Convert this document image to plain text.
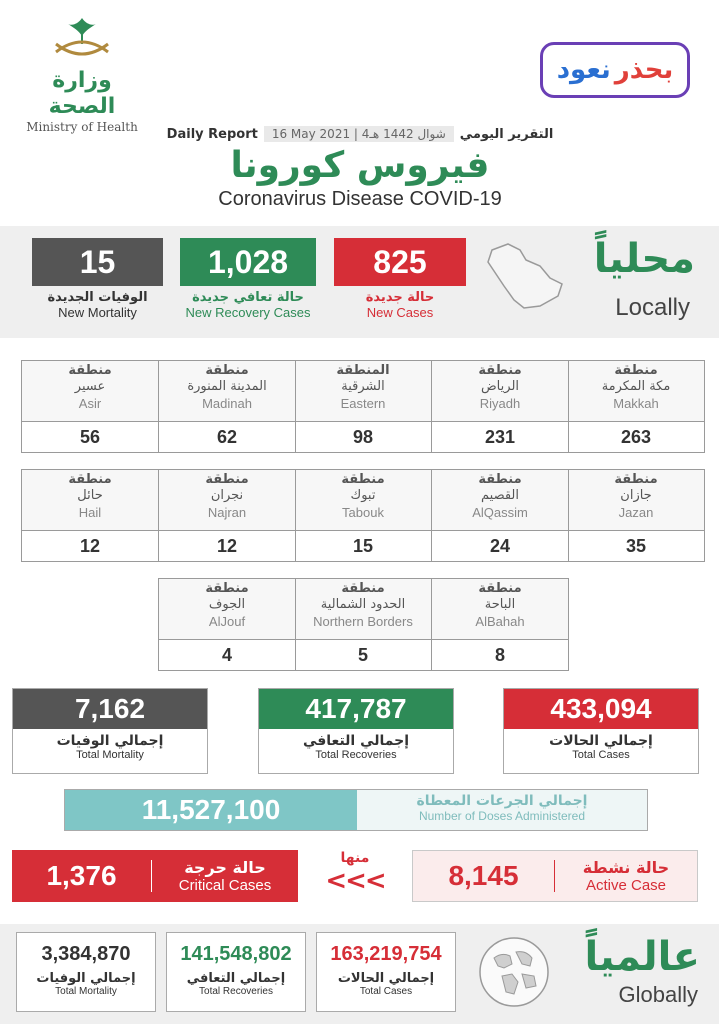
وزارة الصحة
Ministry of Health
نعود بحذر
Daily Report	16 May 2021 | 4شوال 1442 هـ	التقرير اليومي
فيروس كورونا
Coronavirus Disease COVID-19
15
الوفيات الجديدة
New Mortality
1,028
حالة تعافي جديدة
New Recovery Cases
825
حالة جديدة
New Cases
محلياً
Locally
منطقة
مكة المكرمة
Makkah
263
منطقة
الرياض
Riyadh
231
المنطقة
الشرقية
Eastern
98
منطقة
المدينة المنورة
Madinah
62
منطقة
عسير
Asir
56
منطقة
جازان
Jazan
35
منطقة
القصيم
AlQassim
24
منطقة
تبوك
Tabouk
15
منطقة
نجران
Najran
12
منطقة
حائل
Hail
12
منطقة
الباحة
AlBahah
8
منطقة
الحدود الشمالية
Northern Borders
5
منطقة
الجوف
AlJouf
4
7,162
إجمالي الوفيات
Total Mortality
417,787
إجمالي التعافي
Total Recoveries
433,094
إجمالي الحالات
Total Cases
11,527,100	إجمالي الجرعات المعطاة
Number of Doses Administered
1,376	حالة حرجة
Critical Cases
منها
<<<	8,145	حالة نشطة
Active Case
3,384,870
إجمالي الوفيات
Total Mortality
141,548,802
إجمالي التعافي
Total Recoveries
163,219,754
إجمالي الحالات
Total Cases
عالمياً
Globally
